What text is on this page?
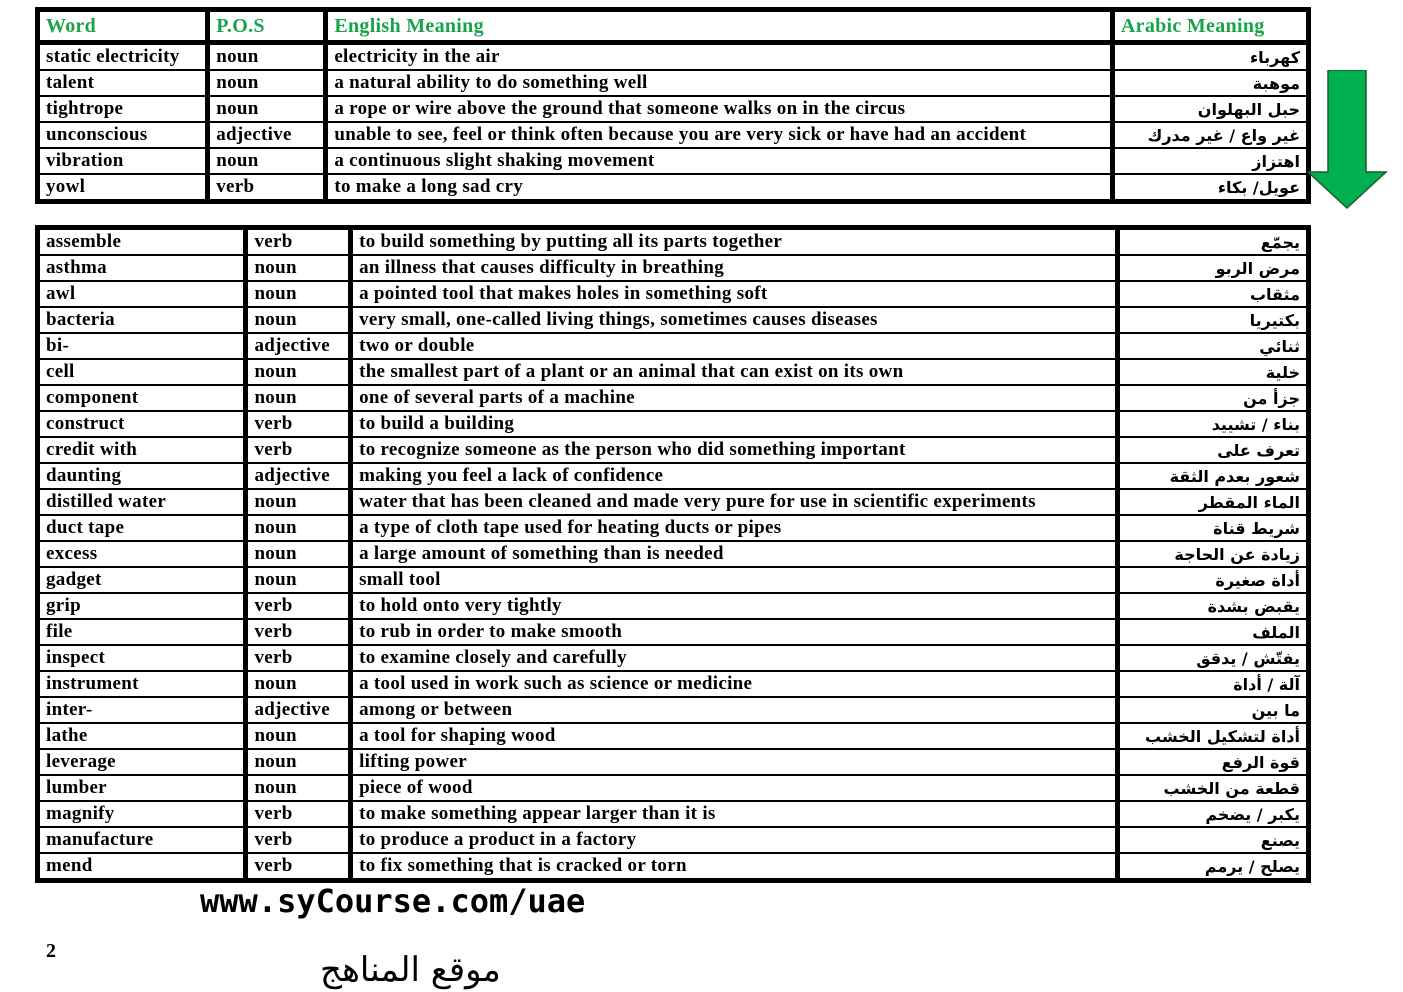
Word	P.O.S	English Meaning	Arabic Meaning
static electricity	noun	electricity in the air	كهرباء
talent	noun	a natural ability to do something well	موهبة
tightrope	noun	a rope or wire above the ground that someone walks on in the circus	حبل البهلوان
unconscious	adjective	unable to see, feel or think often because you are very sick or have had an accident	غير واع / غير مدرك
vibration	noun	a continuous slight shaking movement	اهتزاز
yowl	verb	to make a long sad cry	عويل/ بكاء
assemble	verb	to build something by putting all its parts together	يجمّع
asthma	noun	an illness that causes difficulty in breathing	مرض الربو
awl	noun	a pointed tool that makes holes in something soft	مثقاب
bacteria	noun	very small, one-called living things, sometimes causes diseases	بكتيريا
bi-	adjective	two or double	ثنائي
cell	noun	the smallest part of a plant or an animal that can exist on its own	خلية
component	noun	one of several parts of a machine	جزأ من
construct	verb	to build a building	بناء / تشييد
credit with	verb	to recognize someone as the person who did something important	تعرف على
daunting	adjective	making you feel a lack of confidence	شعور بعدم الثقة
distilled water	noun	water that has been cleaned and made very pure for use in scientific experiments	الماء المقطر
duct tape	noun	a type of cloth tape used for heating ducts or pipes	شريط قناة
excess	noun	a large amount of something than is needed	زيادة عن الحاجة
gadget	noun	small tool	أداة صغيرة
grip	verb	to hold onto very tightly	يقبض بشدة
file	verb	to rub in order to make smooth	الملف
inspect	verb	to examine closely and carefully	يفتّش / يدقق
instrument	noun	a tool used in work such as science or medicine	آلة / أداة
inter-	adjective	among or between	ما بين
lathe	noun	a tool for shaping wood	أداة لتشكيل الخشب
leverage	noun	lifting power	قوة الرفع
lumber	noun	piece of wood	قطعة من الخشب
magnify	verb	to make something appear larger than it is	يكبر / يضخم
manufacture	verb	to produce a product in a factory	يصنع
mend	verb	to fix something that is cracked or torn	يصلح / يرمم
www.syCourse.com/uae
2	موقع المناهج
